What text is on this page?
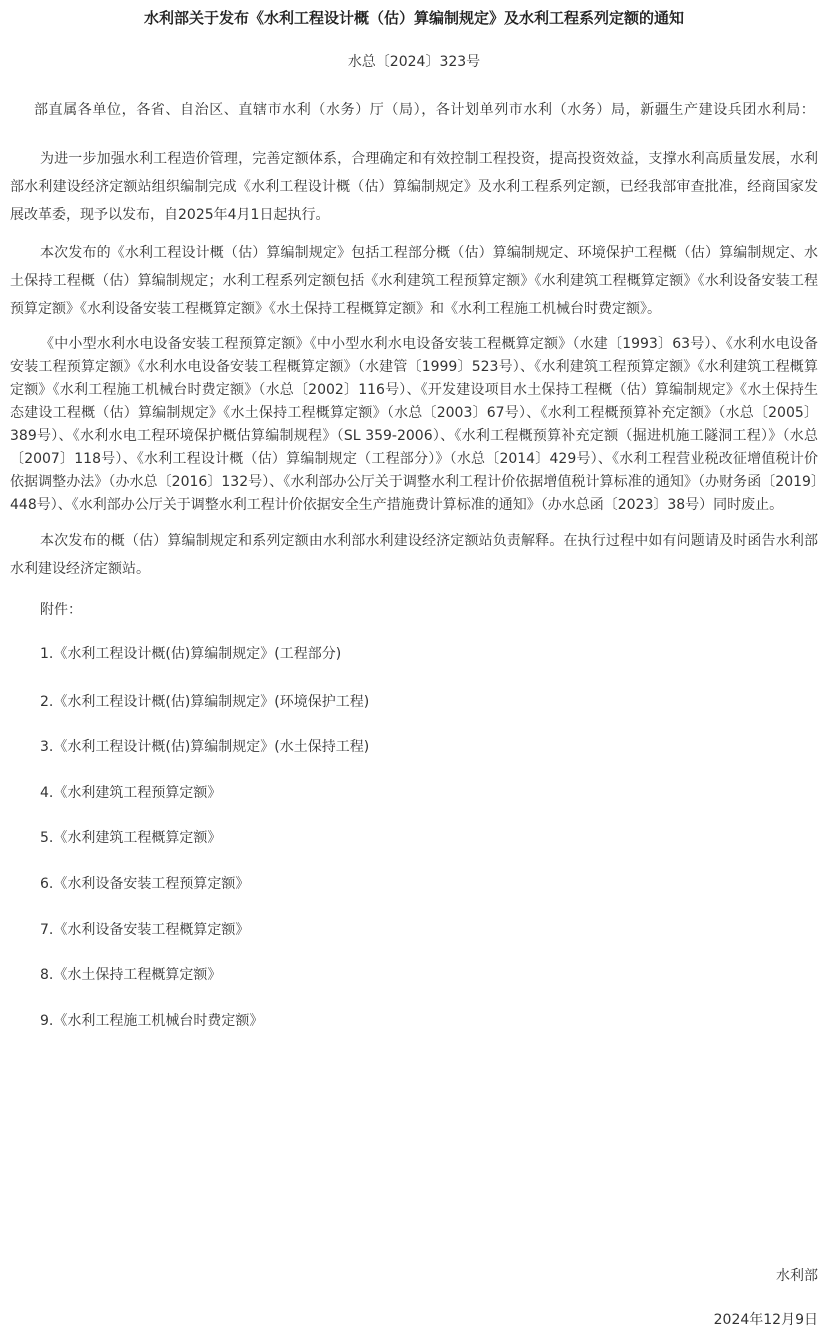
水利部关于发布《水利工程设计概（估）算编制规定》及水利工程系列定额的通知

水总〔2024〕323号

部直属各单位，各省、自治区、直辖市水利（水务）厅（局），各计划单列市水利（水务）局，新疆生产建设兵团水利局：

为进一步加强水利工程造价管理，完善定额体系，合理确定和有效控制工程投资，提高投资效益，支撑水利高质量发展，水利部水利建设经济定额站组织编制完成《水利工程设计概（估）算编制规定》及水利工程系列定额，已经我部审查批准，经商国家发展改革委，现予以发布，自2025年4月1日起执行。

本次发布的《水利工程设计概（估）算编制规定》包括工程部分概（估）算编制规定、环境保护工程概（估）算编制规定、水土保持工程概（估）算编制规定；水利工程系列定额包括《水利建筑工程预算定额》《水利建筑工程概算定额》《水利设备安装工程预算定额》《水利设备安装工程概算定额》《水土保持工程概算定额》和《水利工程施工机械台时费定额》。

《中小型水利水电设备安装工程预算定额》《中小型水利水电设备安装工程概算定额》（水建〔1993〕63号）、《水利水电设备安装工程预算定额》《水利水电设备安装工程概算定额》（水建管〔1999〕523号）、《水利建筑工程预算定额》《水利建筑工程概算定额》《水利工程施工机械台时费定额》（水总〔2002〕116号）、《开发建设项目水土保持工程概（估）算编制规定》《水土保持生态建设工程概（估）算编制规定》《水土保持工程概算定额》（水总〔2003〕67号）、《水利工程概预算补充定额》（水总〔2005〕389号）、《水利水电工程环境保护概估算编制规程》（SL 359-2006）、《水利工程概预算补充定额（掘进机施工隧洞工程）》（水总〔2007〕118号）、《水利工程设计概（估）算编制规定（工程部分）》（水总〔2014〕429号）、《水利工程营业税改征增值税计价依据调整办法》（办水总〔2016〕132号）、《水利部办公厅关于调整水利工程计价依据增值税计算标准的通知》（办财务函〔2019〕448号）、《水利部办公厅关于调整水利工程计价依据安全生产措施费计算标准的通知》（办水总函〔2023〕38号）同时废止。

本次发布的概（估）算编制规定和系列定额由水利部水利建设经济定额站负责解释。在执行过程中如有问题请及时函告水利部水利建设经济定额站。

附件：

1.《水利工程设计概(估)算编制规定》(工程部分)
2.《水利工程设计概(估)算编制规定》(环境保护工程)
3.《水利工程设计概(估)算编制规定》(水土保持工程)
4.《水利建筑工程预算定额》
5.《水利建筑工程概算定额》
6.《水利设备安装工程预算定额》
7.《水利设备安装工程概算定额》
8.《水土保持工程概算定额》
9.《水利工程施工机械台时费定额》
水利部
2024年12月9日
